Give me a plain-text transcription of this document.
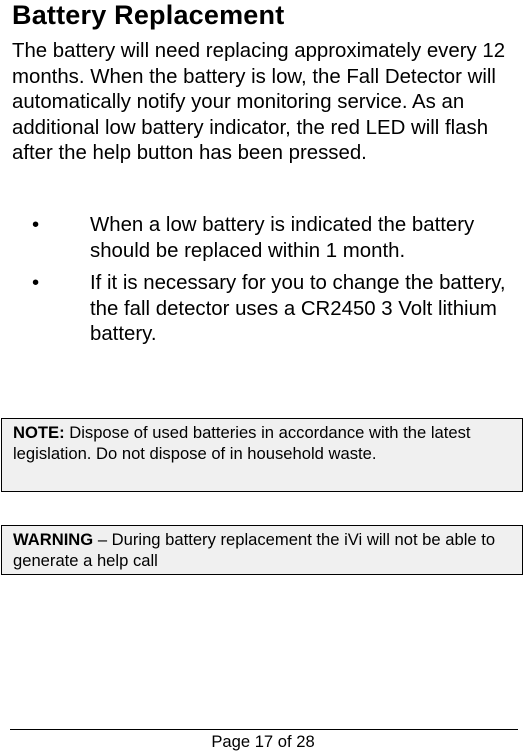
Battery Replacement

The battery will need replacing approximately every 12 months. When the battery is low, the Fall Detector will automatically notify your monitoring service. As an additional low battery indicator, the red LED will flash after the help button has been pressed.

• When a low battery is indicated the battery should be replaced within 1 month.
• If it is necessary for you to change the battery, the fall detector uses a CR2450 3 Volt lithium battery.
NOTE: Dispose of used batteries in accordance with the latest legislation. Do not dispose of in household waste.
WARNING – During battery replacement the iVi will not be able to generate a help call
Page 17 of 28
